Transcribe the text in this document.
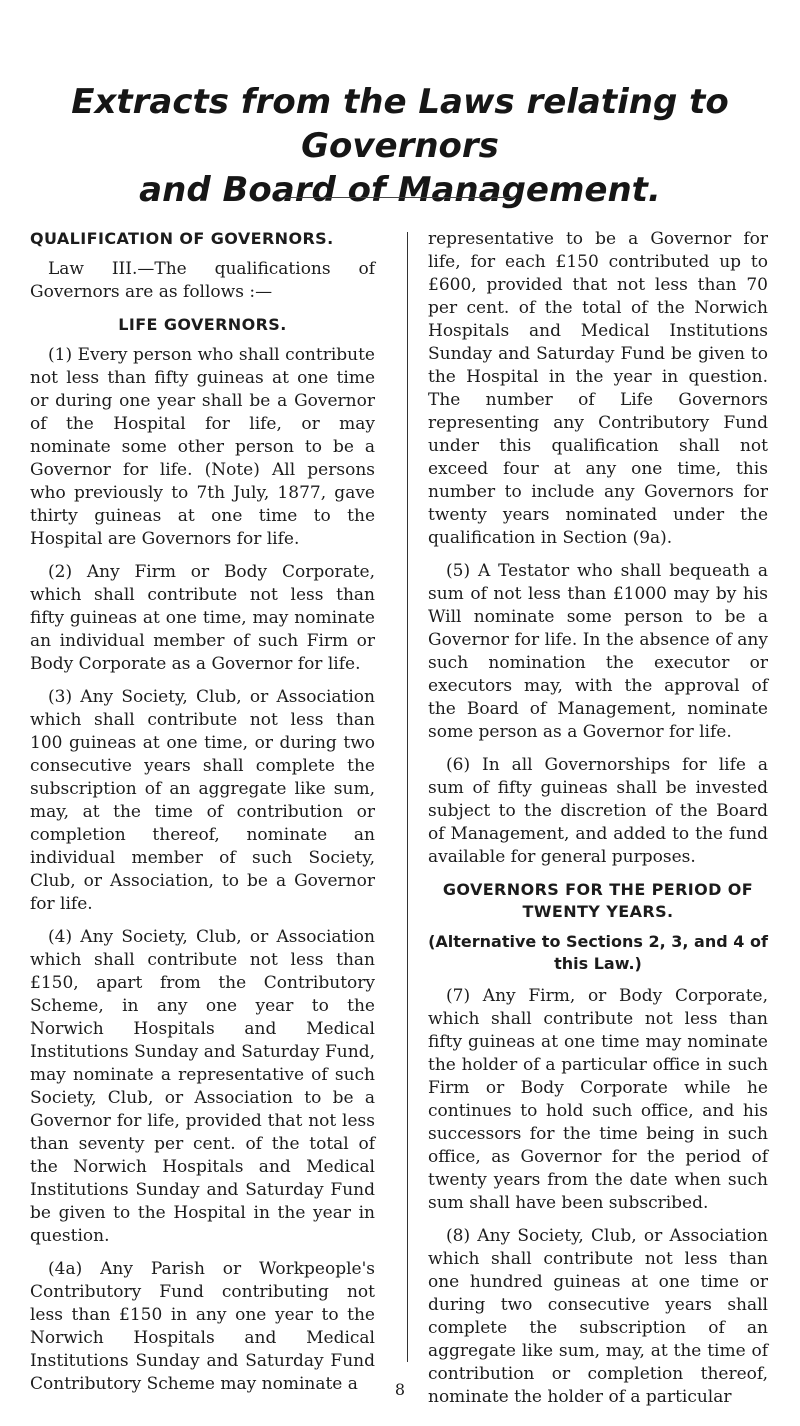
Extracts from the Laws relating to Governors
and Board of Management.
QUALIFICATION OF GOVERNORS.

Law III.—The qualifications of Governors are as follows :—

LIFE GOVERNORS.

(1) Every person who shall contribute not less than fifty guineas at one time or during one year shall be a Governor of the Hospital for life, or may nominate some other person to be a Governor for life. (Note) All persons who previously to 7th July, 1877, gave thirty guineas at one time to the Hospital are Governors for life.

(2) Any Firm or Body Corporate, which shall contribute not less than fifty guineas at one time, may nominate an individual member of such Firm or Body Corporate as a Governor for life.

(3) Any Society, Club, or Association which shall contribute not less than 100 guineas at one time, or during two consecutive years shall complete the subscription of an aggregate like sum, may, at the time of contribution or completion thereof, nominate an individual member of such Society, Club, or Association, to be a Governor for life.

(4) Any Society, Club, or Association which shall contribute not less than £150, apart from the Contributory Scheme, in any one year to the Norwich Hospitals and Medical Institutions Sunday and Saturday Fund, may nominate a representative of such Society, Club, or Association to be a Governor for life, provided that not less than seventy per cent. of the total of the Norwich Hospitals and Medical Institutions Sunday and Saturday Fund be given to the Hospital in the year in question.

(4a) Any Parish or Workpeople's Contributory Fund contributing not less than £150 in any one year to the Norwich Hospitals and Medical Institutions Sunday and Saturday Fund Contributory Scheme may nominate a

representative to be a Governor for life, for each £150 contributed up to £600, provided that not less than 70 per cent. of the total of the Norwich Hospitals and Medical Institutions Sunday and Saturday Fund be given to the Hospital in the year in question. The number of Life Governors representing any Contributory Fund under this qualification shall not exceed four at any one time, this number to include any Governors for twenty years nominated under the qualification in Section (9a).

(5) A Testator who shall bequeath a sum of not less than £1000 may by his Will nominate some person to be a Governor for life. In the absence of any such nomination the executor or executors may, with the approval of the Board of Management, nominate some person as a Governor for life.

(6) In all Governorships for life a sum of fifty guineas shall be invested subject to the discretion of the Board of Management, and added to the fund available for general purposes.

GOVERNORS FOR THE PERIOD OF TWENTY YEARS.
(Alternative to Sections 2, 3, and 4 of this Law.)

(7) Any Firm, or Body Corporate, which shall contribute not less than fifty guineas at one time may nominate the holder of a particular office in such Firm or Body Corporate while he continues to hold such office, and his successors for the time being in such office, as Governor for the period of twenty years from the date when such sum shall have been subscribed.

(8) Any Society, Club, or Association which shall contribute not less than one hundred guineas at one time or during two consecutive years shall complete the subscription of an aggregate like sum, may, at the time of contribution or completion thereof, nominate the holder of a particular

8
